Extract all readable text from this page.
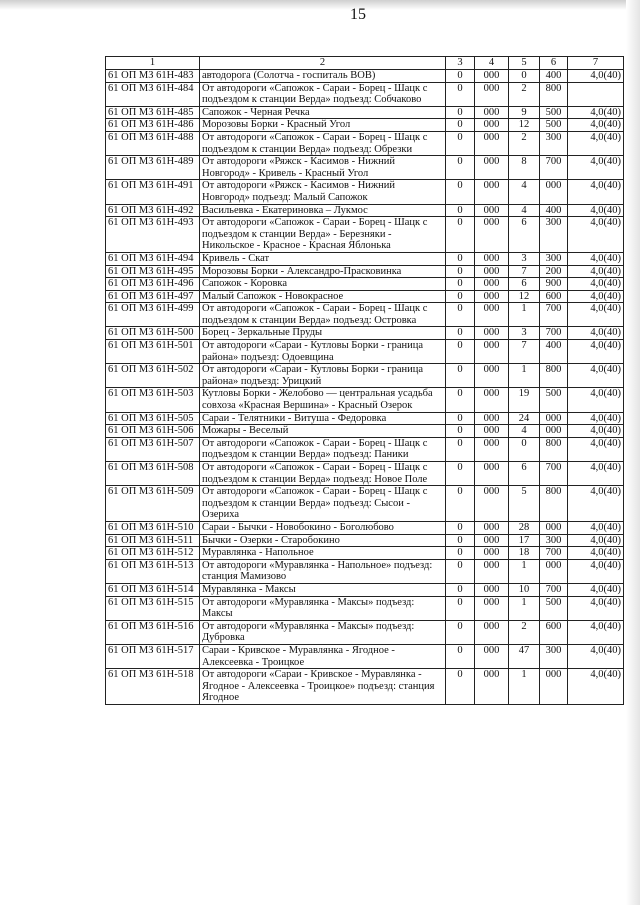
15
1	2	3	4	5	6	7
61 ОП МЗ 61Н-483	автодорога (Солотча - госпиталь ВОВ)	0	000	0	400	4,0(40)
61 ОП МЗ 61Н-484	От автодороги «Сапожок - Сараи - Борец - Шацк с подъездом к станции Верда» подъезд: Собчаково	0	000	2	800	
61 ОП МЗ 61Н-485	Сапожок - Черная Речка	0	000	9	500	4,0(40)
61 ОП МЗ 61Н-486	Морозовы Борки - Красный Угол	0	000	12	500	4,0(40)
61 ОП МЗ 61Н-488	От автодороги «Сапожок - Сараи - Борец - Шацк с подъездом к станции Верда» подъезд: Обрезки	0	000	2	300	4,0(40)
61 ОП МЗ 61Н-489	От автодороги «Ряжск - Касимов - Нижний Новгород» - Кривель - Красный Угол	0	000	8	700	4,0(40)
61 ОП МЗ 61Н-491	От автодороги «Ряжск - Касимов - Нижний Новгород» подъезд: Малый Сапожок	0	000	4	000	4,0(40)
61 ОП МЗ 61Н-492	Васильевка - Екатериновка – Лукмос	0	000	4	400	4,0(40)
61 ОП МЗ 61Н-493	От автодороги «Сапожок - Сараи - Борец - Шацк с подъездом к станции Верда» - Березняки - Никольское - Красное - Красная Яблонька	0	000	6	300	4,0(40)
61 ОП МЗ 61Н-494	Кривель - Скат	0	000	3	300	4,0(40)
61 ОП МЗ 61Н-495	Морозовы Борки - Александро-Прасковинка	0	000	7	200	4,0(40)
61 ОП МЗ 61Н-496	Сапожок - Коровка	0	000	6	900	4,0(40)
61 ОП МЗ 61Н-497	Малый Сапожок - Новокрасное	0	000	12	600	4,0(40)
61 ОП МЗ 61Н-499	От автодороги «Сапожок - Сараи - Борец - Шацк с подъездом к станции Верда» подъезд: Островка	0	000	1	700	4,0(40)
61 ОП МЗ 61Н-500	Борец - Зеркальные Пруды	0	000	3	700	4,0(40)
61 ОП МЗ 61Н-501	От автодороги «Сараи - Кутловы Борки - граница района» подъезд: Одоевщина	0	000	7	400	4,0(40)
61 ОП МЗ 61Н-502	От автодороги «Сараи - Кутловы Борки - граница района» подъезд: Урицкий	0	000	1	800	4,0(40)
61 ОП МЗ 61Н-503	Кутловы Борки - Желобово — центральная усадьба совхоза «Красная Вершина» - Красный Озерок	0	000	19	500	4,0(40)
61 ОП МЗ 61Н-505	Сараи - Телятники - Витуша - Федоровка	0	000	24	000	4,0(40)
61 ОП МЗ 61Н-506	Можары - Веселый	0	000	4	000	4,0(40)
61 ОП МЗ 61Н-507	От автодороги «Сапожок - Сараи - Борец - Шацк с подъездом к станции Верда» подъезд: Паники	0	000	0	800	4,0(40)
61 ОП МЗ 61Н-508	От автодороги «Сапожок - Сараи - Борец - Шацк с подъездом к станции Верда» подъезд: Новое Поле	0	000	6	700	4,0(40)
61 ОП МЗ 61Н-509	От автодороги «Сапожок - Сараи - Борец - Шацк с подъездом к станции Верда» подъезд: Сысои - Озериха	0	000	5	800	4,0(40)
61 ОП МЗ 61Н-510	Сараи - Бычки - Новобокино - Боголюбово	0	000	28	000	4,0(40)
61 ОП МЗ 61Н-511	Бычки - Озерки - Старобокино	0	000	17	300	4,0(40)
61 ОП МЗ 61Н-512	Муравлянка - Напольное	0	000	18	700	4,0(40)
61 ОП МЗ 61Н-513	От автодороги «Муравлянка - Напольное» подъезд: станция Мамизово	0	000	1	000	4,0(40)
61 ОП МЗ 61Н-514	Муравлянка - Максы	0	000	10	700	4,0(40)
61 ОП МЗ 61Н-515	От автодороги «Муравлянка - Максы» подъезд: Максы	0	000	1	500	4,0(40)
61 ОП МЗ 61Н-516	От автодороги «Муравлянка - Максы» подъезд: Дубровка	0	000	2	600	4,0(40)
61 ОП МЗ 61Н-517	Сараи - Кривское - Муравлянка - Ягодное - Алексеевка - Троицкое	0	000	47	300	4,0(40)
61 ОП МЗ 61Н-518	От автодороги «Сараи - Кривское - Муравлянка - Ягодное - Алексеевка - Троицкое» подъезд: станция Ягодное	0	000	1	000	4,0(40)
